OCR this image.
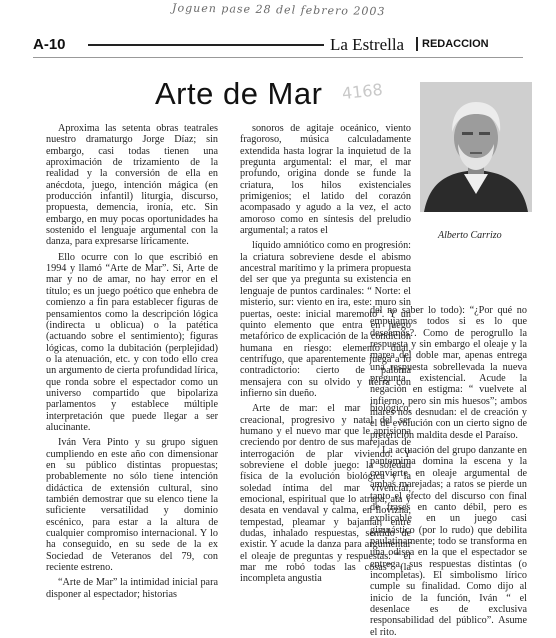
Joguen pase 28 del febrero 2003
A-10	La Estrella	REDACCION
Arte de Mar 4168
Alberto Carrizo

Aproxima las setenta obras teatrales nuestro dramaturgo Jorge Díaz; sin embargo, casi todas tienen una aproximación de trizamiento de la realidad y la conversión de ella en anécdota, juego, intención mágica (en producción infantil) liturgia, discurso, propuesta, demencia, ironía, etc. Sin embargo, en muy pocas oportunidades ha sostenido el lenguaje argumental con la danza, para expresarse líricamente.

Ello ocurre con lo que escribió en 1994 y llamó “Arte de Mar”. Si, Arte de mar y no de amar, no hay error en el título; es un juego poético que enhebra de comienzo a fin para establecer figuras de pensamientos como la descripción lógica (indirecta u oblicua) o la patética (actuando sobre el sentimiento); figuras lógicas, como la dubitación (perplejidad) o la atenuación, etc. y con todo ello crea un argumento de cierta profundidad lírica, que ronda sobre el espectador como un universo compartido que bipolariza parlamentos y establece múltiple interpretación que puede llegar a ser alucinante.

Iván Vera Pinto y su grupo siguen cumpliendo en este año con dimensionar en su público distintas propuestas; probablemente no sólo tiene intención didáctica de extensión cultural, sino también demostrar que su elenco tiene la suficiente versatilidad y dominio escénico, para estar a la altura de cualquier compromiso internacional. Y lo ha conseguido, en su sede de la ex Sociedad de Veteranos del 79, con reciente estreno.

“Arte de Mar” la intimidad inicial para disponer al espectador; historias

sonoros de agitaje oceánico, viento fragoroso, música calculadamente extendida hasta lograr la inquietud de la pregunta argumental: el mar, el mar profundo, origina donde se funde la criatura, los hilos existenciales primigenios; el latido del corazón acompasado y agudo a la vez, el acto amoroso como en síntesis del preludio argumental; a ratos el

líquido amniótico como en progresión: la criatura sobreviene desde el abismo ancestral marítimo y la primera propuesta del ser que ya pregunta su existencia en lenguaje de puntos cardinales: “ Norte: el misterio, sur: viento en ira, este: muro sin puertas, oeste: inicial maremoto”. Y un quinto elemento que entra en juego metafórico de explicación de la condición humana en riesgo: elemento dual, centrífugo, que aparentemente juega a lo contradictorio: cierto de paloma mensajera con su olvido y tierra con infierno sin dueño.

Arte de mar: el mar biológico, creacional, progresivo y natal del ser humano y el nuevo mar que le aprisiona creciendo por dentro de sus marejadas de interrogación de plar viviendo. Y sobreviene el doble juego: la soledad física de la evolución biológica y la soledad íntima del mar vivencial, emocional, espiritual que lo atrapa, ata y desata en vendaval y calma, en llovizna, tempestad, pleamar y bajamar, entre dudas, inhalado respuestas, sentido de existir. Y acude la danza para argumentar el oleaje de preguntas y respuestas: “ el mar me robó todas las cosas” (la incompleta angustia

del no saber lo todo): “¿Por qué no empujamos todos si es lo que deseamos?. Como de perogrullo la respuesta y sin embargo el oleaje y la marea del doble mar, apenas entrega una respuesta sobrellevada la nueva pregunta existencial. Acude la negación en estigma: “ vuelvete al infierno, pero sin mis huesos”; ambos mares nos desnudan: el de creación y el de evolución con un cierto signo de preterición maldita desde el Paraíso.

La actuación del grupo danzante en pantomima domina la escena y la convierte en oleaje argumental de ambas marejadas; a ratos se pierde un tanto el efecto del discurso con final de frases en canto débil, pero es explicable en un juego casi gimnástico (por lo rudo) que debilita paulatinamente; todo se transforma en una odisea en la que el espectador se entrega, sus respuestas distintas (o incompletas). El simbolismo lírico cumple su finalidad. Como dijo al inicio de la función, Iván “ el desenlace es de exclusiva responsabilidad del público”. Asume el rito.
